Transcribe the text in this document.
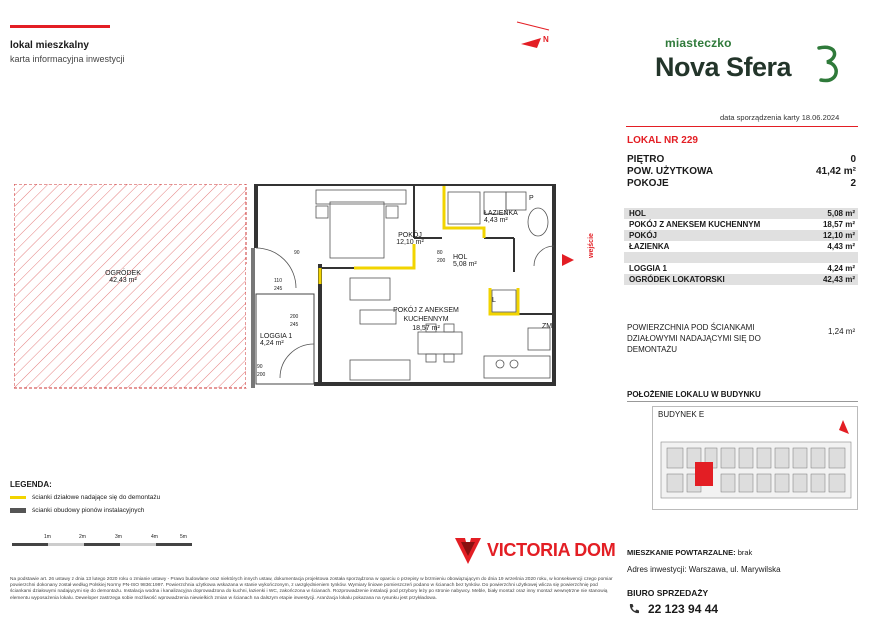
lokal mieszkalny
karta informacyjna inwestycji
N	miasteczko
Nova Sfera
data sporządzenia karty 18.06.2024
LOKAL NR 229
PIĘTRO	0
POW. UŻYTKOWA	41,42 m²
POKOJE	2
HOL	5,08 m²
POKÓJ Z ANEKSEM KUCHENNYM	18,57 m²
POKÓJ	12,10 m²
ŁAZIENKA	4,43 m²
LOGGIA 1	4,24 m²
OGRÓDEK LOKATORSKI	42,43 m²
POWIERZCHNIA POD ŚCIANKAMI DZIAŁOWYMI NADAJĄCYMI SIĘ DO DEMONTAŻU
1,24 m²
POŁOŻENIE LOKALU W BUDYNKU
BUDYNEK E
MIESZKANIE POWTARZALNE: brak
Adres inwestycji: Warszawa, ul. Marywilska
BIURO SPRZEDAŻY
22 123 94 44
OGRÓDEK
42,43 m²
POKÓJ
12,10 m²
HOL
5,08 m²
ŁAZIENKA
4,43 m²
POKÓJ Z ANEKSEM KUCHENNYM
18,57 m²
LOGGIA 1
4,24 m²
wejście
P
L
ZM
80
200
90
110
245
245
90
200
200
LEGENDA:
ścianki działowe nadające się do demontażu
ścianki obudowy pionów instalacyjnych
1m	2m	3m	4m	5m
VICTORIA DOM
Na podstawie art. 26 ustawy z dnia 13 lutego 2020 roku o zmianie ustawy - Prawo budowlane oraz niektórych innych ustaw, dokumentacja projektowa została sporządzona w oparciu o przepisy w brzmieniu obowiązującym do dnia 19 września 2020 roku, w konsekwencji czego pomiar powierzchni dokonany został według Polskiej Normy PN-ISO 9836:1997. Powierzchnia użytkowa wskazana w stanie wykończonym, z uwzględnieniem tynków. Wymiary liniowe pomieszczeń podano w ścianach bez tynków. Do powierzchni użytkowej wlicza się powierzchnię pod ściankami działowymi nadającymi się do demontażu. Instalacja wodna i kanalizacyjna doprowadzona do kuchni, łazienki i WC, zakończona w ścianach. Rozprowadzenie instalacji pod przybory leży po stronie nabywcy. Meble, biały montaż oraz inny montaż wewnętrzne nie stanowią elementu wyposażenia lokalu. Deweloper zastrzega sobie możliwość wprowadzenia niewielkich zmian w ścianach na dalszym etapie inwestycji. Aranżacja lokalu pokazana na rysunku jest przykładowa.
